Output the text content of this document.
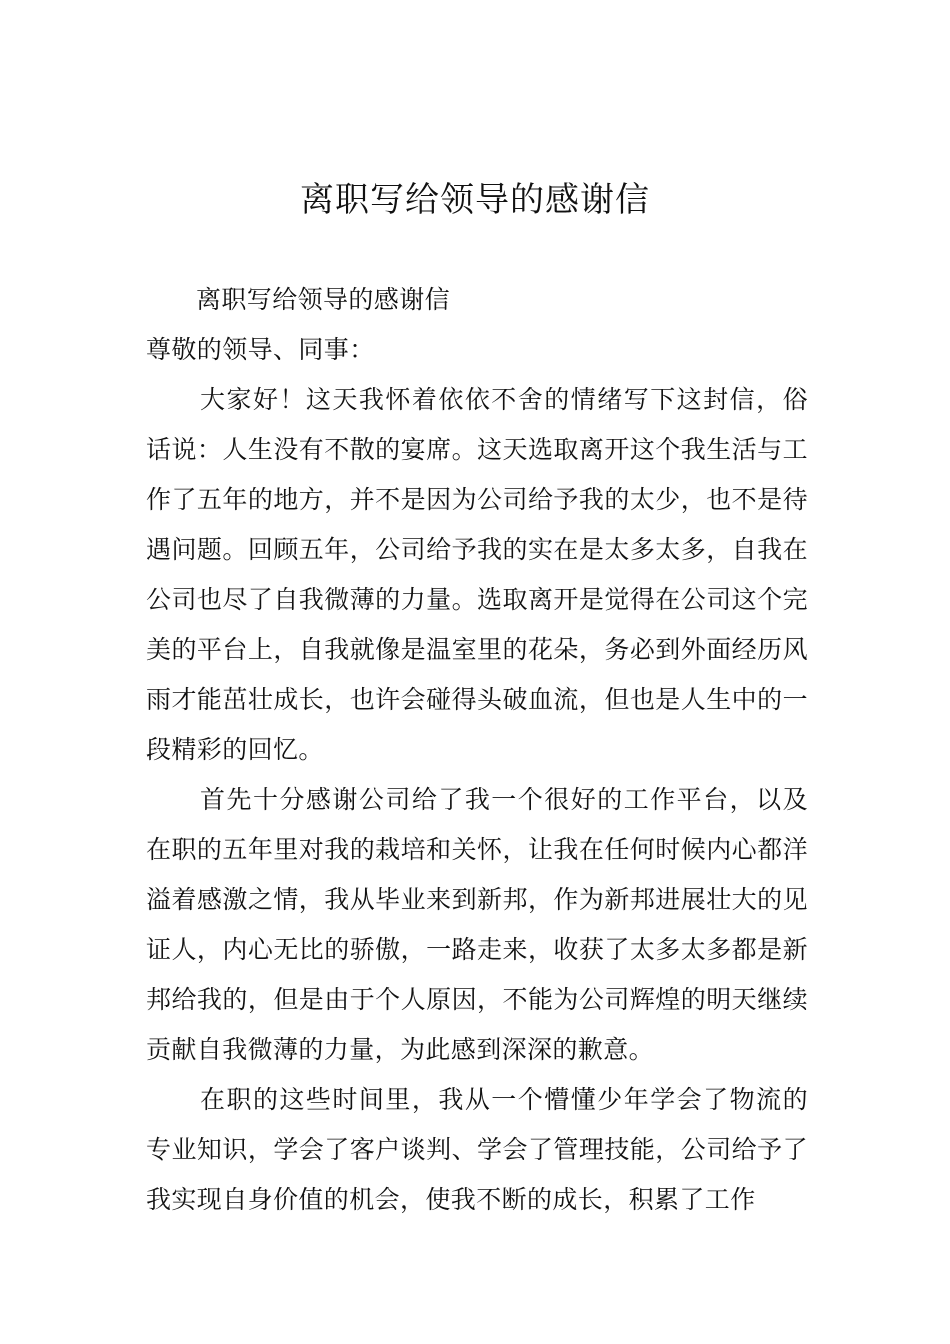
离职写给领导的感谢信

离职写给领导的感谢信

尊敬的领导、同事：

大家好！这天我怀着依依不舍的情绪写下这封信，俗话说：人生没有不散的宴席。这天选取离开这个我生活与工作了五年的地方，并不是因为公司给予我的太少，也不是待遇问题。回顾五年，公司给予我的实在是太多太多，自我在公司也尽了自我微薄的力量。选取离开是觉得在公司这个完美的平台上，自我就像是温室里的花朵，务必到外面经历风雨才能茁壮成长，也许会碰得头破血流，但也是人生中的一段精彩的回忆。

首先十分感谢公司给了我一个很好的工作平台，以及在职的五年里对我的栽培和关怀，让我在任何时候内心都洋溢着感激之情，我从毕业来到新邦，作为新邦进展壮大的见证人，内心无比的骄傲，一路走来，收获了太多太多都是新邦给我的，但是由于个人原因，不能为公司辉煌的明天继续贡献自我微薄的力量，为此感到深深的歉意。

在职的这些时间里，我从一个懵懂少年学会了物流的专业知识，学会了客户谈判、学会了管理技能，公司给予了我实现自身价值的机会，使我不断的成长，积累了工作
